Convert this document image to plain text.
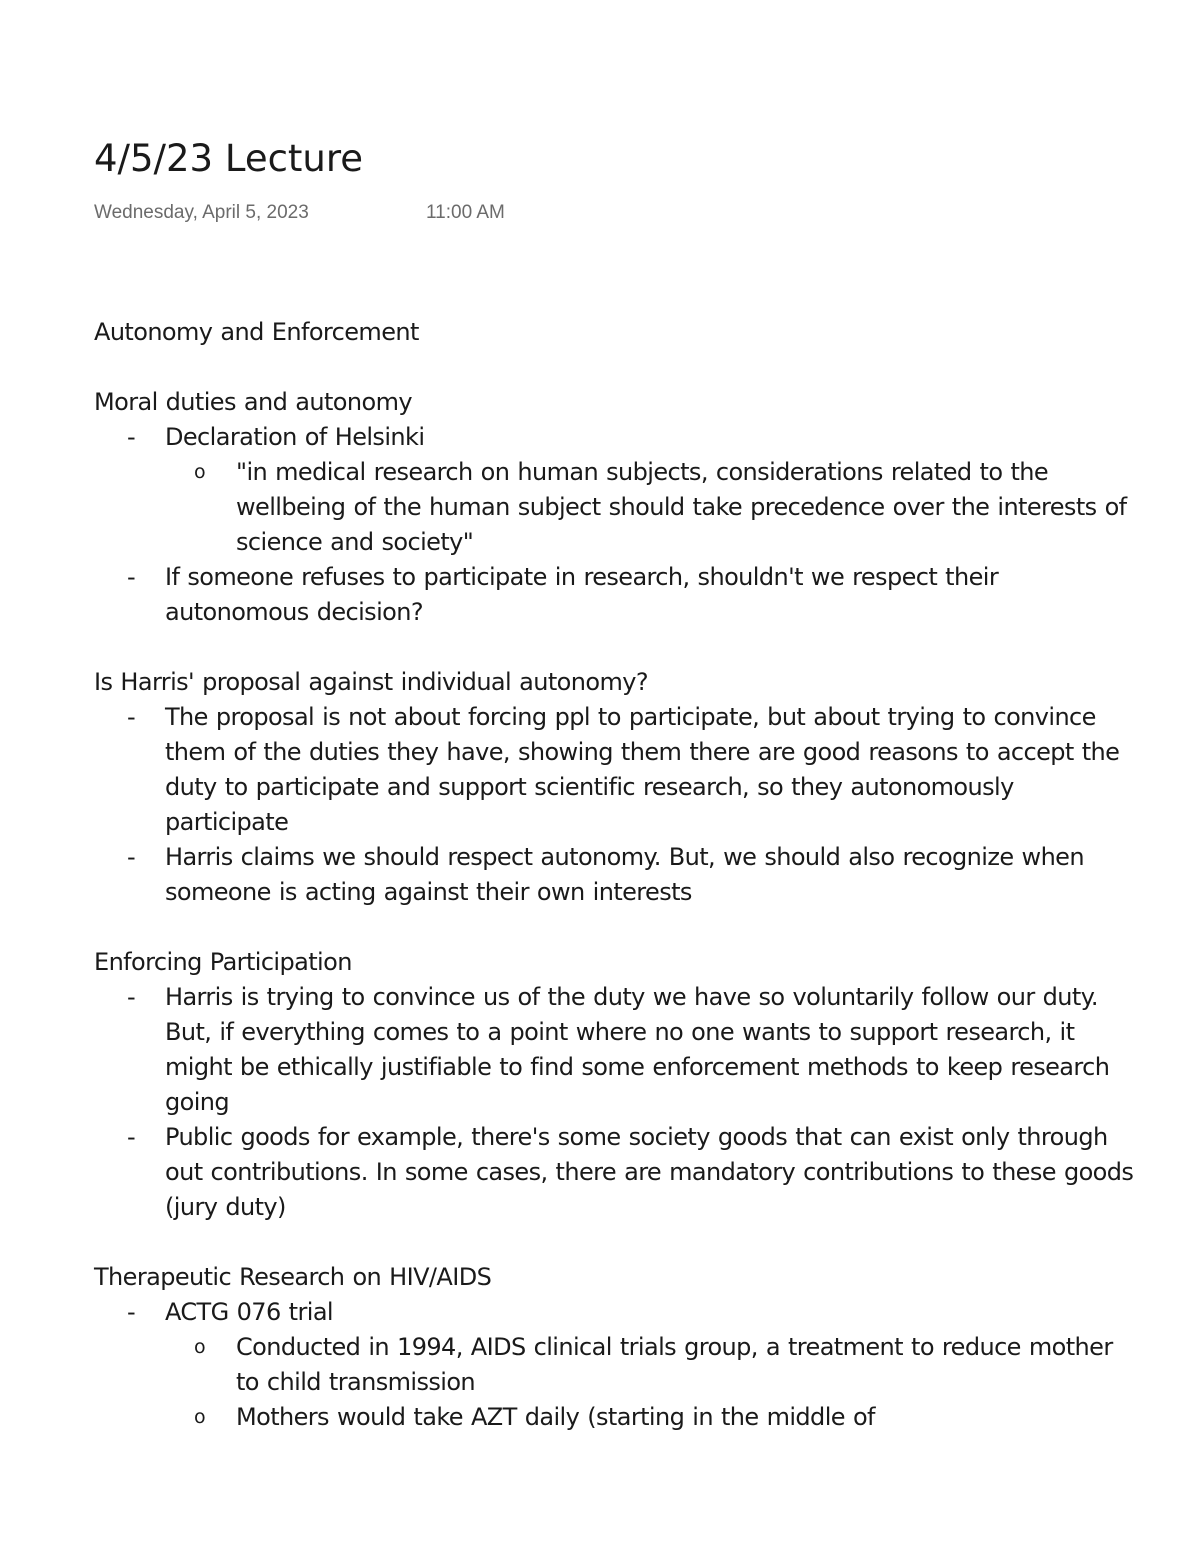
4/5/23 Lecture
Wednesday, April 5, 2023	11:00 AM
Autonomy and Enforcement
Moral duties and autonomy
- Declaration of Helsinki
o "in medical research on human subjects, considerations related to the wellbeing of the human subject should take precedence over the interests of science and society"
- If someone refuses to participate in research, shouldn't we respect their autonomous decision?
Is Harris' proposal against individual autonomy?
- The proposal is not about forcing ppl to participate, but about trying to convince them of the duties they have, showing them there are good reasons to accept the duty to participate and support scientific research, so they autonomously participate
- Harris claims we should respect autonomy. But, we should also recognize when someone is acting against their own interests
Enforcing Participation
- Harris is trying to convince us of the duty we have so voluntarily follow our duty. But, if everything comes to a point where no one wants to support research, it might be ethically justifiable to find some enforcement methods to keep research going
- Public goods for example, there's some society goods that can exist only through out contributions. In some cases, there are mandatory contributions to these goods (jury duty)
Therapeutic Research on HIV/AIDS
- ACTG 076 trial
o Conducted in 1994, AIDS clinical trials group, a treatment to reduce mother to child transmission
o Mothers would take AZT daily (starting in the middle of
